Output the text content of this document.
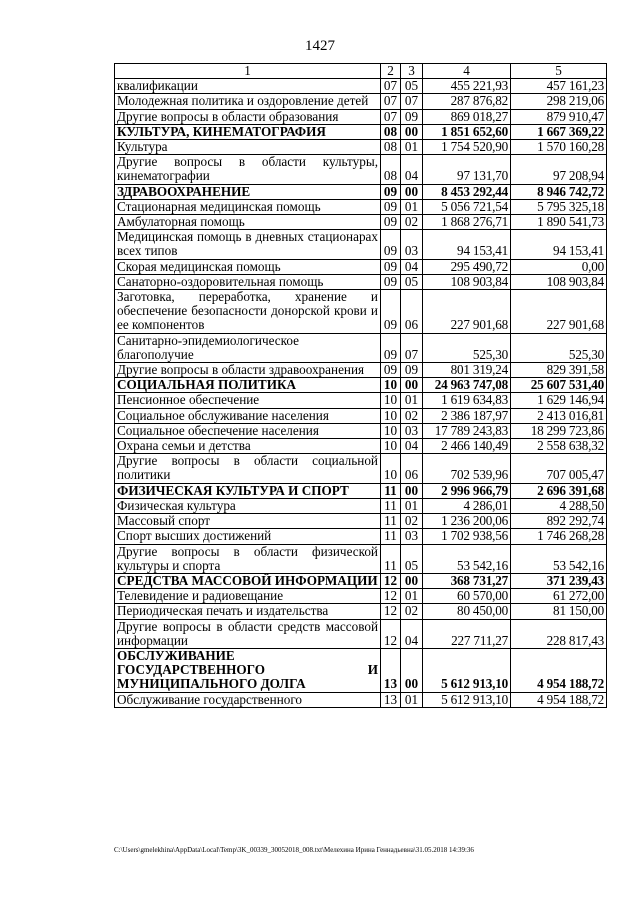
1427
1	2	3	4	5
квалификации	07	05	455 221,93	457 161,23
Молодежная политика и оздоровление детей	07	07	287 876,82	298 219,06
Другие вопросы в области образования	07	09	869 018,27	879 910,47
КУЛЬТУРА, КИНЕМАТОГРАФИЯ	08	00	1 851 652,60	1 667 369,22
Культура	08	01	1 754 520,90	1 570 160,28
Другие вопросы в области культуры, кинематографии	08	04	97 131,70	97 208,94
ЗДРАВООХРАНЕНИЕ	09	00	8 453 292,44	8 946 742,72
Стационарная медицинская помощь	09	01	5 056 721,54	5 795 325,18
Амбулаторная помощь	09	02	1 868 276,71	1 890 541,73
Медицинская помощь в дневных стационарах всех типов	09	03	94 153,41	94 153,41
Скорая медицинская помощь	09	04	295 490,72	0,00
Санаторно-оздоровительная помощь	09	05	108 903,84	108 903,84
Заготовка, переработка, хранение и обеспечение безопасности донорской крови и ее компонентов	09	06	227 901,68	227 901,68
Санитарно-эпидемиологическое благополучие	09	07	525,30	525,30
Другие вопросы в области здравоохранения	09	09	801 319,24	829 391,58
СОЦИАЛЬНАЯ ПОЛИТИКА	10	00	24 963 747,08	25 607 531,40
Пенсионное обеспечение	10	01	1 619 634,83	1 629 146,94
Социальное обслуживание населения	10	02	2 386 187,97	2 413 016,81
Социальное обеспечение населения	10	03	17 789 243,83	18 299 723,86
Охрана семьи и детства	10	04	2 466 140,49	2 558 638,32
Другие вопросы в области социальной политики	10	06	702 539,96	707 005,47
ФИЗИЧЕСКАЯ КУЛЬТУРА И СПОРТ	11	00	2 996 966,79	2 696 391,68
Физическая культура	11	01	4 286,01	4 288,50
Массовый спорт	11	02	1 236 200,06	892 292,74
Спорт высших достижений	11	03	1 702 938,56	1 746 268,28
Другие вопросы в области физической культуры и спорта	11	05	53 542,16	53 542,16
СРЕДСТВА МАССОВОЙ ИНФОРМАЦИИ	12	00	368 731,27	371 239,43
Телевидение и радиовещание	12	01	60 570,00	61 272,00
Периодическая печать и издательства	12	02	80 450,00	81 150,00
Другие вопросы в области средств массовой информации	12	04	227 711,27	228 817,43
ОБСЛУЖИВАНИЕ ГОСУДАРСТВЕННОГО И МУНИЦИПАЛЬНОГО ДОЛГА	13	00	5 612 913,10	4 954 188,72
Обслуживание государственного	13	01	5 612 913,10	4 954 188,72
C:\Users\gmelekhina\AppData\Local\Temp\3K_00339_30052018_008.txt\Мелехина Ирина Геннадьевна\31.05.2018 14:39:36
